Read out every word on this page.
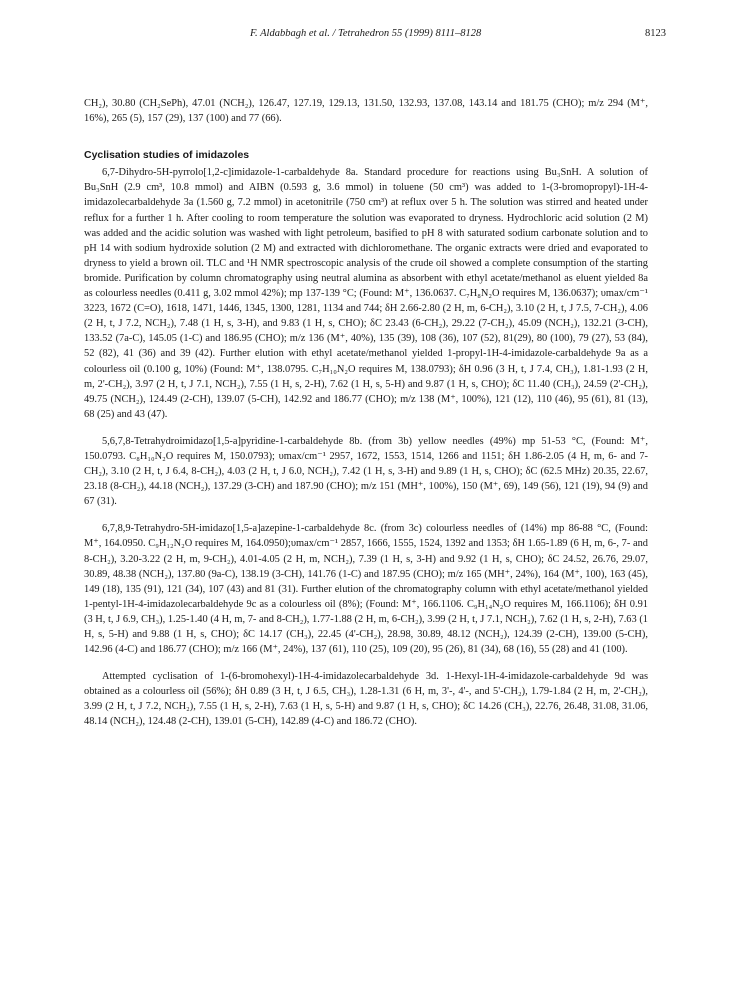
F. Aldabbagh et al. / Tetrahedron 55 (1999) 8111–8128	8123

CH₂), 30.80 (CH₂SePh), 47.01 (NCH₂), 126.47, 127.19, 129.13, 131.50, 132.93, 137.08, 143.14 and 181.75 (CHO); m/z 294 (M⁺, 16%), 265 (5), 157 (29), 137 (100) and 77 (66).

Cyclisation studies of imidazoles

6,7-Dihydro-5H-pyrrolo[1,2-c]imidazole-1-carbaldehyde 8a. Standard procedure for reactions using Bu₃SnH. A solution of Bu₃SnH (2.9 cm³, 10.8 mmol) and AIBN (0.593 g, 3.6 mmol) in toluene (50 cm³) was added to 1-(3-bromopropyl)-1H-4-imidazolecarbaldehyde 3a (1.560 g, 7.2 mmol) in acetonitrile (750 cm³) at reflux over 5 h. The solution was stirred and heated under reflux for a further 1 h. After cooling to room temperature the solution was evaporated to dryness. Hydrochloric acid solution (2 M) was added and the acidic solution was washed with light petroleum, basified to pH 8 with saturated sodium carbonate solution and to pH 14 with sodium hydroxide solution (2 M) and extracted with dichloromethane. The organic extracts were dried and evaporated to dryness to yield a brown oil. TLC and ¹H NMR spectroscopic analysis of the crude oil showed a complete consumption of the starting bromide. Purification by column chromatography using neutral alumina as absorbent with ethyl acetate/methanol as eluent yielded 8a as colourless needles (0.411 g, 3.02 mmol 42%); mp 137-139 °C; (Found: M⁺, 136.0637. C₇H₈N₂O requires M, 136.0637); υmax/cm⁻¹ 3223, 1672 (C=O), 1618, 1471, 1446, 1345, 1300, 1281, 1134 and 744; δH 2.66-2.80 (2 H, m, 6-CH₂), 3.10 (2 H, t, J 7.5, 7-CH₂), 4.06 (2 H, t, J 7.2, NCH₂), 7.48 (1 H, s, 3-H), and 9.83 (1 H, s, CHO); δC 23.43 (6-CH₂), 29.22 (7-CH₂), 45.09 (NCH₂), 132.21 (3-CH), 133.52 (7a-C), 145.05 (1-C) and 186.95 (CHO); m/z 136 (M⁺, 40%), 135 (39), 108 (36), 107 (52), 81(29), 80 (100), 79 (27), 53 (84), 52 (82), 41 (36) and 39 (42). Further elution with ethyl acetate/methanol yielded 1-propyl-1H-4-imidazole-carbaldehyde 9a as a colourless oil (0.100 g, 10%) (Found: M⁺, 138.0795. C₇H₁₀N₂O requires M, 138.0793); δH 0.96 (3 H, t, J 7.4, CH₃), 1.81-1.93 (2 H, m, 2'-CH₂), 3.97 (2 H, t, J 7.1, NCH₂), 7.55 (1 H, s, 2-H), 7.62 (1 H, s, 5-H) and 9.87 (1 H, s, CHO); δC 11.40 (CH₃), 24.59 (2'-CH₂), 49.75 (NCH₂), 124.49 (2-CH), 139.07 (5-CH), 142.92 and 186.77 (CHO); m/z 138 (M⁺, 100%), 121 (12), 110 (46), 95 (61), 81 (13), 68 (25) and 43 (47).

5,6,7,8-Tetrahydroimidazo[1,5-a]pyridine-1-carbaldehyde 8b. (from 3b) yellow needles (49%) mp 51-53 °C, (Found: M⁺, 150.0793. C₈H₁₀N₂O requires M, 150.0793); υmax/cm⁻¹ 2957, 1672, 1553, 1514, 1266 and 1151; δH 1.86-2.05 (4 H, m, 6- and 7-CH₂), 3.10 (2 H, t, J 6.4, 8-CH₂), 4.03 (2 H, t, J 6.0, NCH₂), 7.42 (1 H, s, 3-H) and 9.89 (1 H, s, CHO); δC (62.5 MHz) 20.35, 22.67, 23.18 (8-CH₂), 44.18 (NCH₂), 137.29 (3-CH) and 187.90 (CHO); m/z 151 (MH⁺, 100%), 150 (M⁺, 69), 149 (56), 121 (19), 94 (9) and 67 (31).

6,7,8,9-Tetrahydro-5H-imidazo[1,5-a]azepine-1-carbaldehyde 8c. (from 3c) colourless needles of (14%) mp 86-88 °C, (Found: M⁺, 164.0950. C₉H₁₂N₂O requires M, 164.0950);υmax/cm⁻¹ 2857, 1666, 1555, 1524, 1392 and 1353; δH 1.65-1.89 (6 H, m, 6-, 7- and 8-CH₂), 3.20-3.22 (2 H, m, 9-CH₂), 4.01-4.05 (2 H, m, NCH₂), 7.39 (1 H, s, 3-H) and 9.92 (1 H, s, CHO); δC 24.52, 26.76, 29.07, 30.89, 48.38 (NCH₂), 137.80 (9a-C), 138.19 (3-CH), 141.76 (1-C) and 187.95 (CHO); m/z 165 (MH⁺, 24%), 164 (M⁺, 100), 163 (45), 149 (18), 135 (91), 121 (34), 107 (43) and 81 (31). Further elution of the chromatography column with ethyl acetate/methanol yielded 1-pentyl-1H-4-imidazolecarbaldehyde 9c as a colourless oil (8%); (Found: M⁺, 166.1106. C₉H₁₄N₂O requires M, 166.1106); δH 0.91 (3 H, t, J 6.9, CH₃), 1.25-1.40 (4 H, m, 7- and 8-CH₂), 1.77-1.88 (2 H, m, 6-CH₂), 3.99 (2 H, t, J 7.1, NCH₂), 7.62 (1 H, s, 2-H), 7.63 (1 H, s, 5-H) and 9.88 (1 H, s, CHO); δC 14.17 (CH₃), 22.45 (4'-CH₂), 28.98, 30.89, 48.12 (NCH₂), 124.39 (2-CH), 139.00 (5-CH), 142.96 (4-C) and 186.77 (CHO); m/z 166 (M⁺, 24%), 137 (61), 110 (25), 109 (20), 95 (26), 81 (34), 68 (16), 55 (28) and 41 (100).

Attempted cyclisation of 1-(6-bromohexyl)-1H-4-imidazolecarbaldehyde 3d. 1-Hexyl-1H-4-imidazole-carbaldehyde 9d was obtained as a colourless oil (56%); δH 0.89 (3 H, t, J 6.5, CH₃), 1.28-1.31 (6 H, m, 3'-, 4'-, and 5'-CH₂), 1.79-1.84 (2 H, m, 2'-CH₂), 3.99 (2 H, t, J 7.2, NCH₂), 7.55 (1 H, s, 2-H), 7.63 (1 H, s, 5-H) and 9.87 (1 H, s, CHO); δC 14.26 (CH₃), 22.76, 26.48, 31.08, 31.06, 48.14 (NCH₂), 124.48 (2-CH), 139.01 (5-CH), 142.89 (4-C) and 186.72 (CHO).
